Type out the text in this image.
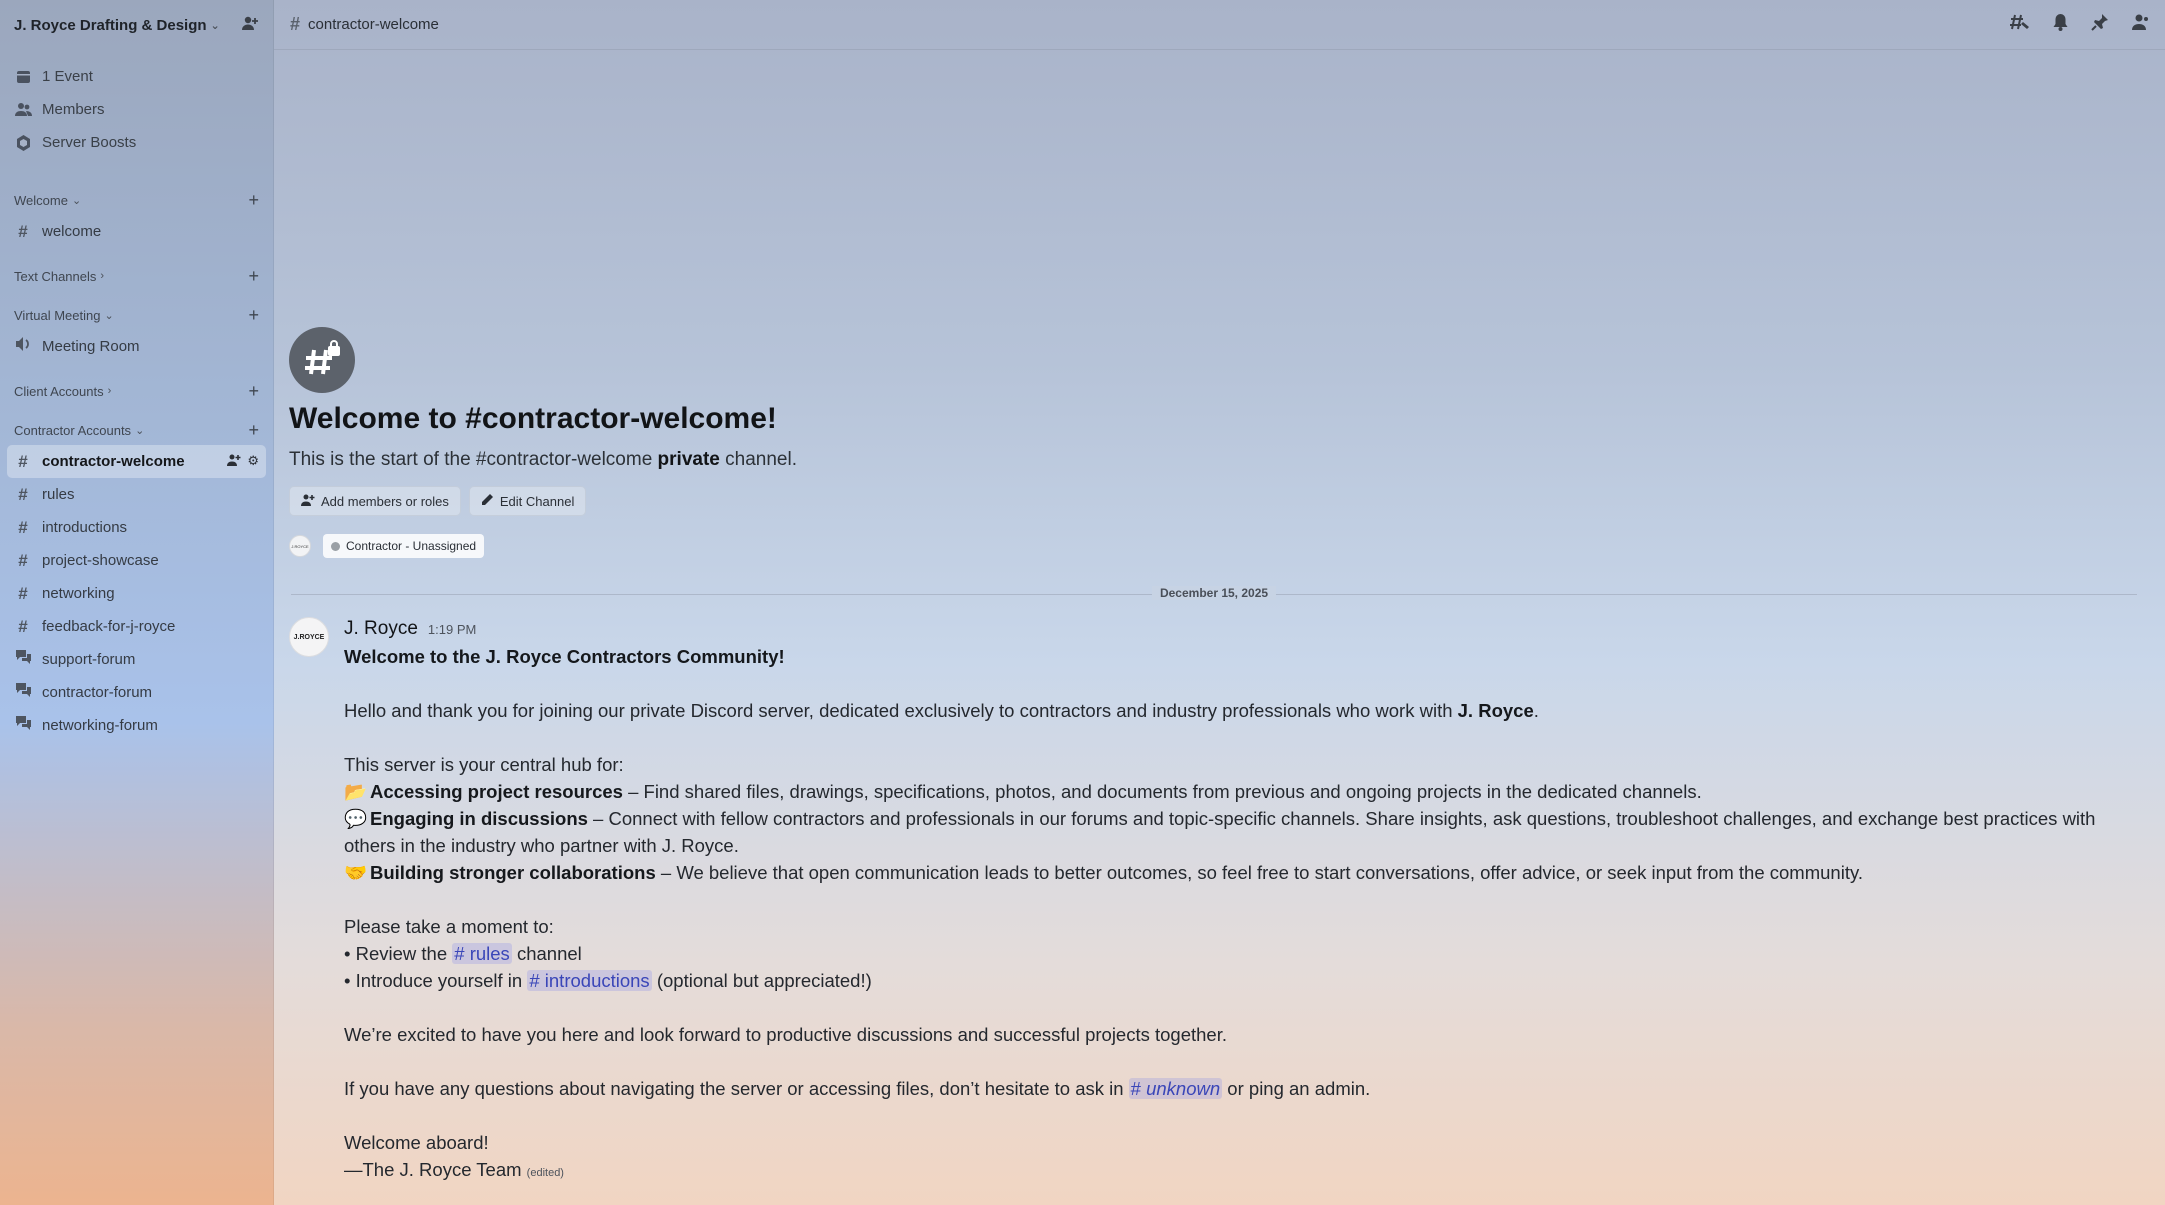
J. Royce Drafting & Design ⌄
1 Event
Members
Server Boosts
Welcome ⌄	+
# welcome
Text Channels ›	+
Virtual Meeting ⌄	+
Meeting Room
Client Accounts ›	+
Contractor Accounts ⌄	+
# contractor-welcome	⚙
# rules
# introductions
# project-showcase
# networking
# feedback-for-j-royce
support-forum
contractor-forum
networking-forum
# contractor-welcome
Welcome to #contractor-welcome!
This is the start of the #contractor-welcome private channel.
Add members or roles	Edit Channel
J.ROYCE	Contractor - Unassigned
December 15, 2025
J.ROYCE J. Royce 1:19 PM

Welcome to the J. Royce Contractors Community!

Hello and thank you for joining our private Discord server, dedicated exclusively to contractors and industry professionals who work with J. Royce.

This server is your central hub for:

📂 Accessing project resources – Find shared files, drawings, specifications, photos, and documents from previous and ongoing projects in the dedicated channels.

💬 Engaging in discussions – Connect with fellow contractors and professionals in our forums and topic-specific channels. Share insights, ask questions, troubleshoot challenges, and exchange best practices with others in the industry who partner with J. Royce.

🤝 Building stronger collaborations – We believe that open communication leads to better outcomes, so feel free to start conversations, offer advice, or seek input from the community.

Please take a moment to:

• Review the # rules channel

• Introduce yourself in # introductions (optional but appreciated!)

We’re excited to have you here and look forward to productive discussions and successful projects together.

If you have any questions about navigating the server or accessing files, don’t hesitate to ask in # unknown or ping an admin.

Welcome aboard!

—The J. Royce Team (edited)
